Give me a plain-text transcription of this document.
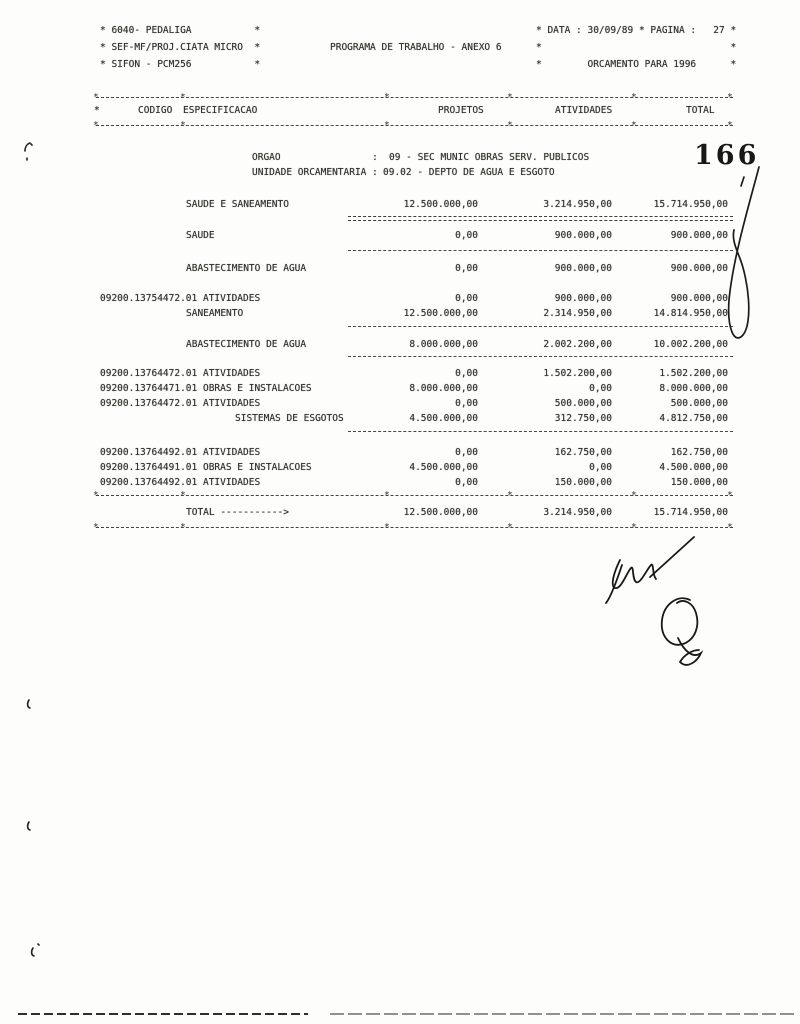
* 6040- PEDALIGA           *
* SEF-MF/PROJ.CIATA MICRO  *
* SIFON - PCM256           *
PROGRAMA DE TRABALHO - ANEXO 6
* DATA : 30/09/89 * PAGINA :   27 *
*                                 *
*        ORCAMENTO PARA 1996      *
*	*	*	*	*	*
*	CODIGO ESPECIFICACAO	PROJETOS	ATIVIDADES	TOTAL
*	*	*	*	*	*
ORGAO                : 09 - SEC MUNIC OBRAS SERV. PUBLICOS
UNIDADE ORCAMENTARIA : 09.02 - DEPTO DE AGUA E ESGOTO
166
SAUDE E SANEAMENTO	12.500.000,00	3.214.950,00	15.714.950,00
SAUDE	0,00	900.000,00	900.000,00
ABASTECIMENTO DE AGUA	0,00	900.000,00	900.000,00
09200.13754472.01 ATIVIDADES	0,00	900.000,00	900.000,00
SANEAMENTO	12.500.000,00	2.314.950,00	14.814.950,00
ABASTECIMENTO DE AGUA	8.000.000,00	2.002.200,00	10.002.200,00
09200.13764472.01 ATIVIDADES	0,00	1.502.200,00	1.502.200,00
09200.13764471.01 OBRAS E INSTALACOES	8.000.000,00	0,00	8.000.000,00
09200.13764472.01 ATIVIDADES	0,00	500.000,00	500.000,00
SISTEMAS DE ESGOTOS	4.500.000,00	312.750,00	4.812.750,00
09200.13764492.01 ATIVIDADES	0,00	162.750,00	162.750,00
09200.13764491.01 OBRAS E INSTALACOES	4.500.000,00	0,00	4.500.000,00
09200.13764492.01 ATIVIDADES	0,00	150.000,00	150.000,00
*	*	*	*	*	*
TOTAL ----------->	12.500.000,00	3.214.950,00	15.714.950,00
*	*	*	*	*	*
